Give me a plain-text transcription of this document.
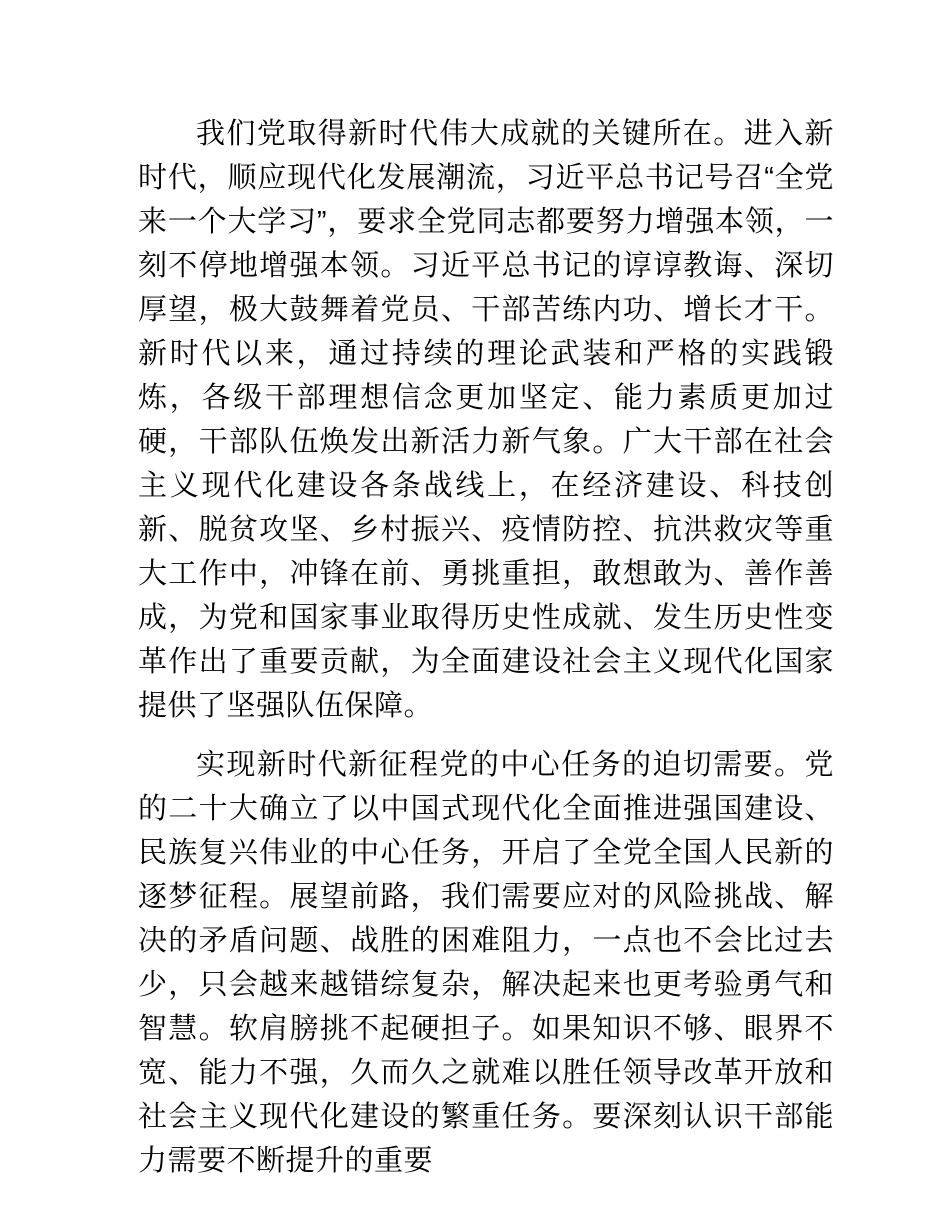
我们党取得新时代伟大成就的关键所在。进入新时代，顺应现代化发展潮流，习近平总书记号召“全党来一个大学习”，要求全党同志都要努力增强本领，一刻不停地增强本领。习近平总书记的谆谆教诲、深切厚望，极大鼓舞着党员、干部苦练内功、增长才干。新时代以来，通过持续的理论武装和严格的实践锻炼，各级干部理想信念更加坚定、能力素质更加过硬，干部队伍焕发出新活力新气象。广大干部在社会主义现代化建设各条战线上，在经济建设、科技创新、脱贫攻坚、乡村振兴、疫情防控、抗洪救灾等重大工作中，冲锋在前、勇挑重担，敢想敢为、善作善成，为党和国家事业取得历史性成就、发生历史性变革作出了重要贡献，为全面建设社会主义现代化国家提供了坚强队伍保障。

实现新时代新征程党的中心任务的迫切需要。党的二十大确立了以中国式现代化全面推进强国建设、民族复兴伟业的中心任务，开启了全党全国人民新的逐梦征程。展望前路，我们需要应对的风险挑战、解决的矛盾问题、战胜的困难阻力，一点也不会比过去少，只会越来越错综复杂，解决起来也更考验勇气和智慧。软肩膀挑不起硬担子。如果知识不够、眼界不宽、能力不强，久而久之就难以胜任领导改革开放和社会主义现代化建设的繁重任务。要深刻认识干部能力需要不断提升的重要
